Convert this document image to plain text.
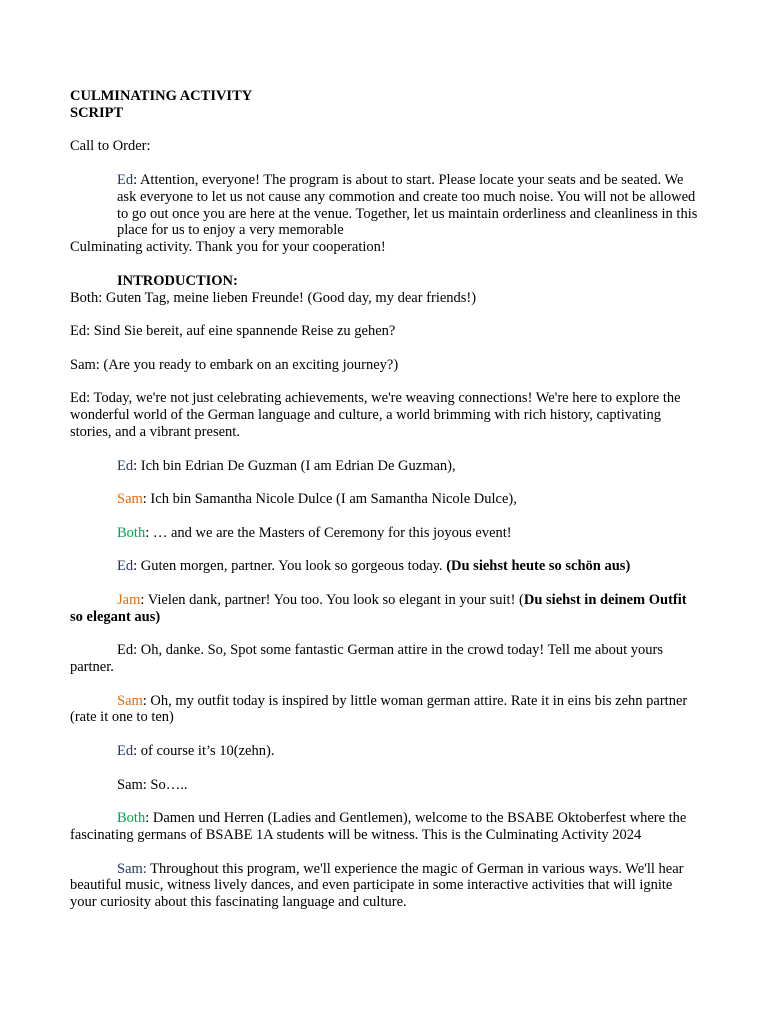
CULMINATING ACTIVITY
SCRIPT

Call to Order:

Ed: Attention, everyone! The program is about to start. Please locate your seats and be seated. We ask everyone to let us not cause any commotion and create too much noise. You will not be allowed to go out once you are here at the venue. Together, let us maintain orderliness and cleanliness in this place for us to enjoy a very memorable

Culminating activity. Thank you for your cooperation!

INTRODUCTION:

Both: Guten Tag, meine lieben Freunde! (Good day, my dear friends!)

Ed: Sind Sie bereit, auf eine spannende Reise zu gehen?

Sam: (Are you ready to embark on an exciting journey?)

Ed: Today, we're not just celebrating achievements, we're weaving connections! We're here to explore the wonderful world of the German language and culture, a world brimming with rich history, captivating stories, and a vibrant present.

Ed: Ich bin Edrian De Guzman (I am Edrian De Guzman),

Sam: Ich bin Samantha Nicole Dulce (I am Samantha Nicole Dulce),

Both: … and we are the Masters of Ceremony for this joyous event!

Ed: Guten morgen, partner. You look so gorgeous today. (Du siehst heute so schön aus)

Jam: Vielen dank, partner! You too. You look so elegant in your suit! (Du siehst in deinem Outfit so elegant aus)

Ed: Oh, danke. So, Spot some fantastic German attire in the crowd today! Tell me about yours partner.

Sam: Oh, my outfit today is inspired by little woman german attire. Rate it in eins bis zehn partner (rate it one to ten)

Ed: of course it’s 10(zehn).

Sam: So…..

Both: Damen und Herren (Ladies and Gentlemen), welcome to the BSABE Oktoberfest where the fascinating germans of BSABE 1A students will be witness. This is the Culminating Activity 2024

Sam: Throughout this program, we'll experience the magic of German in various ways. We'll hear beautiful music, witness lively dances, and even participate in some interactive activities that will ignite your curiosity about this fascinating language and culture.
